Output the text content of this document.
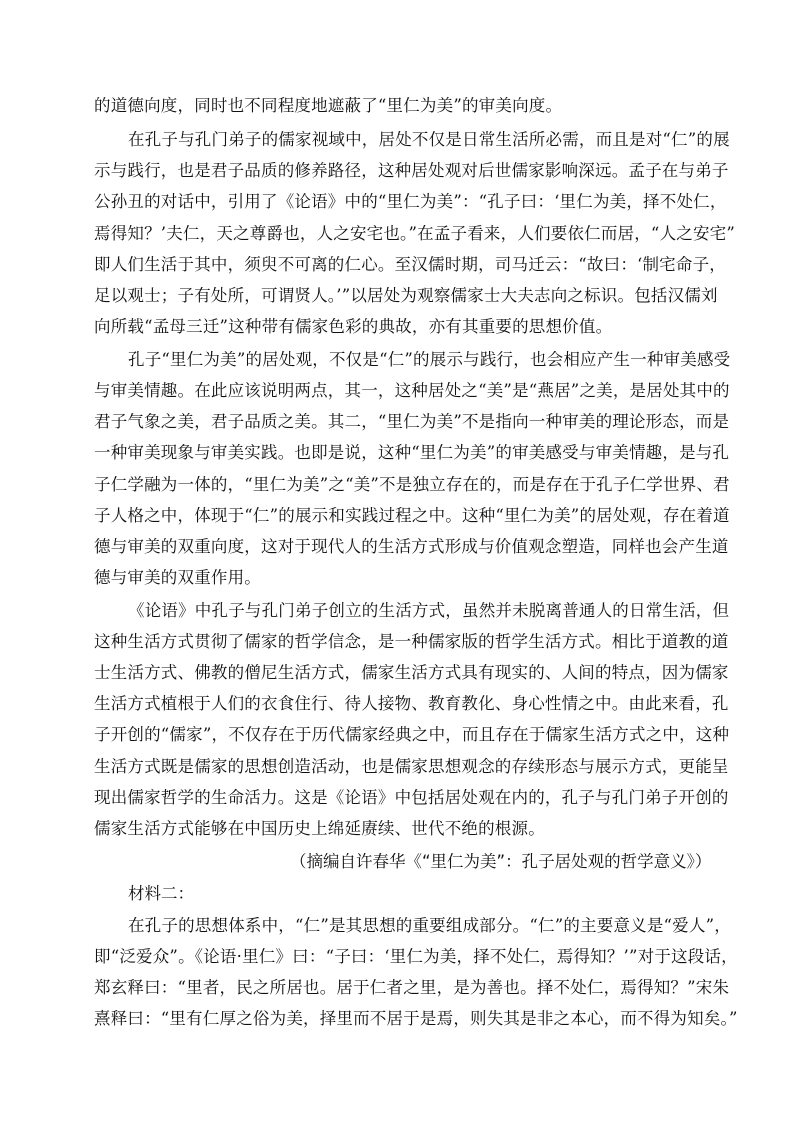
的道德向度，同时也不同程度地遮蔽了“里仁为美”的审美向度。
在孔子与孔门弟子的儒家视域中，居处不仅是日常生活所必需，而且是对“仁”的展
示与践行，也是君子品质的修养路径，这种居处观对后世儒家影响深远。孟子在与弟子
公孙丑的对话中，引用了《论语》中的“里仁为美”：“孔子曰：‘里仁为美，择不处仁，
焉得知？’夫仁，天之尊爵也，人之安宅也。”在孟子看来，人们要依仁而居，“人之安宅”
即人们生活于其中，须臾不可离的仁心。至汉儒时期，司马迁云：“故曰：‘制宅命子，
足以观士；子有处所，可谓贤人。’”以居处为观察儒家士大夫志向之标识。包括汉儒刘
向所载“孟母三迁”这种带有儒家色彩的典故，亦有其重要的思想价值。
孔子“里仁为美”的居处观，不仅是“仁”的展示与践行，也会相应产生一种审美感受
与审美情趣。在此应该说明两点，其一，这种居处之“美”是“燕居”之美，是居处其中的
君子气象之美，君子品质之美。其二，“里仁为美”不是指向一种审美的理论形态，而是
一种审美现象与审美实践。也即是说，这种“里仁为美”的审美感受与审美情趣，是与孔
子仁学融为一体的，“里仁为美”之“美”不是独立存在的，而是存在于孔子仁学世界、君
子人格之中，体现于“仁”的展示和实践过程之中。这种“里仁为美”的居处观，存在着道
德与审美的双重向度，这对于现代人的生活方式形成与价值观念塑造，同样也会产生道
德与审美的双重作用。
《论语》中孔子与孔门弟子创立的生活方式，虽然并未脱离普通人的日常生活，但
这种生活方式贯彻了儒家的哲学信念，是一种儒家版的哲学生活方式。相比于道教的道
士生活方式、佛教的僧尼生活方式，儒家生活方式具有现实的、人间的特点，因为儒家
生活方式植根于人们的衣食住行、待人接物、教育教化、身心性情之中。由此来看，孔
子开创的“儒家”，不仅存在于历代儒家经典之中，而且存在于儒家生活方式之中，这种
生活方式既是儒家的思想创造活动，也是儒家思想观念的存续形态与展示方式，更能呈
现出儒家哲学的生命活力。这是《论语》中包括居处观在内的，孔子与孔门弟子开创的
儒家生活方式能够在中国历史上绵延赓续、世代不绝的根源。
（摘编自许春华《“里仁为美”：孔子居处观的哲学意义》）
材料二：
在孔子的思想体系中，“仁”是其思想的重要组成部分。“仁”的主要意义是“爱人”，
即“泛爱众”。《论语·里仁》曰：“子曰：‘里仁为美，择不处仁，焉得知？’”对于这段话，
郑玄释曰：“里者，民之所居也。居于仁者之里，是为善也。择不处仁，焉得知？”宋朱
熹释曰：“里有仁厚之俗为美，择里而不居于是焉，则失其是非之本心，而不得为知矣。”
